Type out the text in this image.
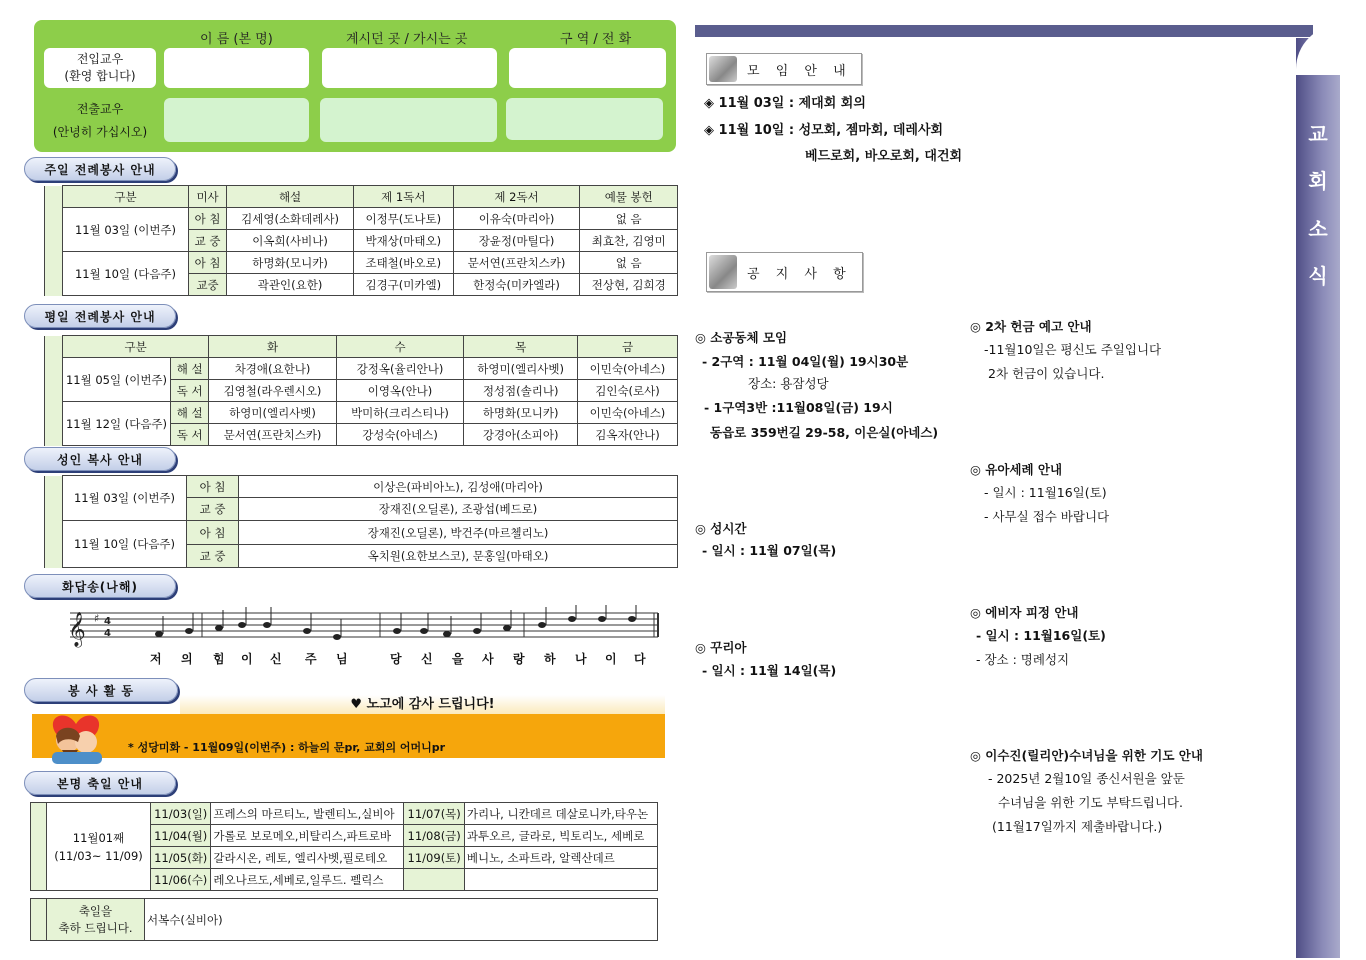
이 름 (본 명)	계시던 곳 / 가시는 곳	구 역 / 전 화
전입교우
(환영 합니다)
전출교우
(안녕히 가십시오)
주일 전례봉사 안내
	구분	미사	해설	제 1독서	제 2독서	예물 봉헌
	11월 03일 (이번주)	아 침	김세영(소화데레사)	이정무(도나토)	이유숙(마리아)	없 음
		교 중	이옥희(사비나)	박재상(마태오)	장윤정(마틸다)	최효찬, 김영미
	11월 10일 (다음주)	아 침	하명화(모니카)	조태철(바오로)	문서연(프란치스카)	없 음
		교중	곽관인(요한)	김경구(미카엘)	한정숙(미카엘라)	전상현, 김희경
평일 전례봉사 안내
	구분		화	수	목	금
	11월 05일 (이번주)	해 설	차경애(요한나)	강정옥(율리안나)	하영미(엘리사벳)	이민숙(아네스)
		독 서	김영철(라우렌시오)	이영옥(안나)	정성점(솔리나)	김인숙(로사)
	11월 12일 (다음주)	해 설	하영미(엘리사벳)	박미하(크리스티나)	하명화(모니카)	이민숙(아네스)
		독 서	문서연(프란치스카)	강성숙(아네스)	강경아(소피아)	김옥자(안나)
성인 복사 안내
	11월 03일 (이번주)	아 침	이상은(파비아노), 김성애(마리아)
		교 중	장재진(오딜론), 조광섭(베드로)
	11월 10일 (다음주)	아 침	장재진(오딜론), 박건주(마르첼리노)
		교 중	옥치원(요한보스코), 문홍일(마태오)
화답송(나해)
𝄞 ♯ 4
4
저 의 힘 이 신 주 님	당 신 을 사 랑 하 나 이 다
봉 사 활 동
♥ 노고에 감사 드립니다!
* 성당미화 - 11월09일(이번주) : 하늘의 문pr, 교회의 어머니pr
본명 축일 안내

	11월01째
(11/03~ 11/09)	11/03(일)	프레스의 마르티노, 발렌티노,실비아	11/07(목)	가리나, 니칸데르 데살로니카,타우논
		11/04(월)	가롤로 보로메오,비탈리스,파트로바	11/08(금)	과투오르, 글라로, 빅토리노, 세베로
		11/05(화)	갈라시온, 레토, 엘리사벳,필로테오	11/09(토)	베니노, 소파트라, 알렉산데르
		11/06(수)	레오나르도,세베로,일루드. 펠릭스		

축일을
축하 드립니다.
	서복수(실비아)
교
회
소
식
모 임 안 내
◈ 11월 03일 : 제대회 회의
◈ 11월 10일 : 성모회, 젬마회, 데레사회
베드로회, 바오로회, 대건회
공 지 사 항
◎ 소공동체 모임
- 2구역 : 11월 04일(월) 19시30분
장소: 용잠성당
- 1구역3반 :11월08일(금) 19시
동읍로 359번길 29-58, 이은실(아네스)
◎ 성시간
- 일시 : 11월 07일(목)
◎ 꾸리아
- 일시 : 11월 14일(목)
◎ 2차 헌금 예고 안내
-11월10일은 평신도 주일입니다
2차 헌금이 있습니다.
◎ 유아세례 안내
- 일시 : 11월16일(토)
- 사무실 접수 바랍니다
◎ 에비자 피정 안내
- 일시 : 11월16일(토)
- 장소 : 명례성지
◎ 이수진(릴리안)수녀님을 위한 기도 안내
- 2025년 2월10일 종신서원을 앞둔
수녀님을 위한 기도 부탁드립니다.
(11월17일까지 제출바랍니다.)
